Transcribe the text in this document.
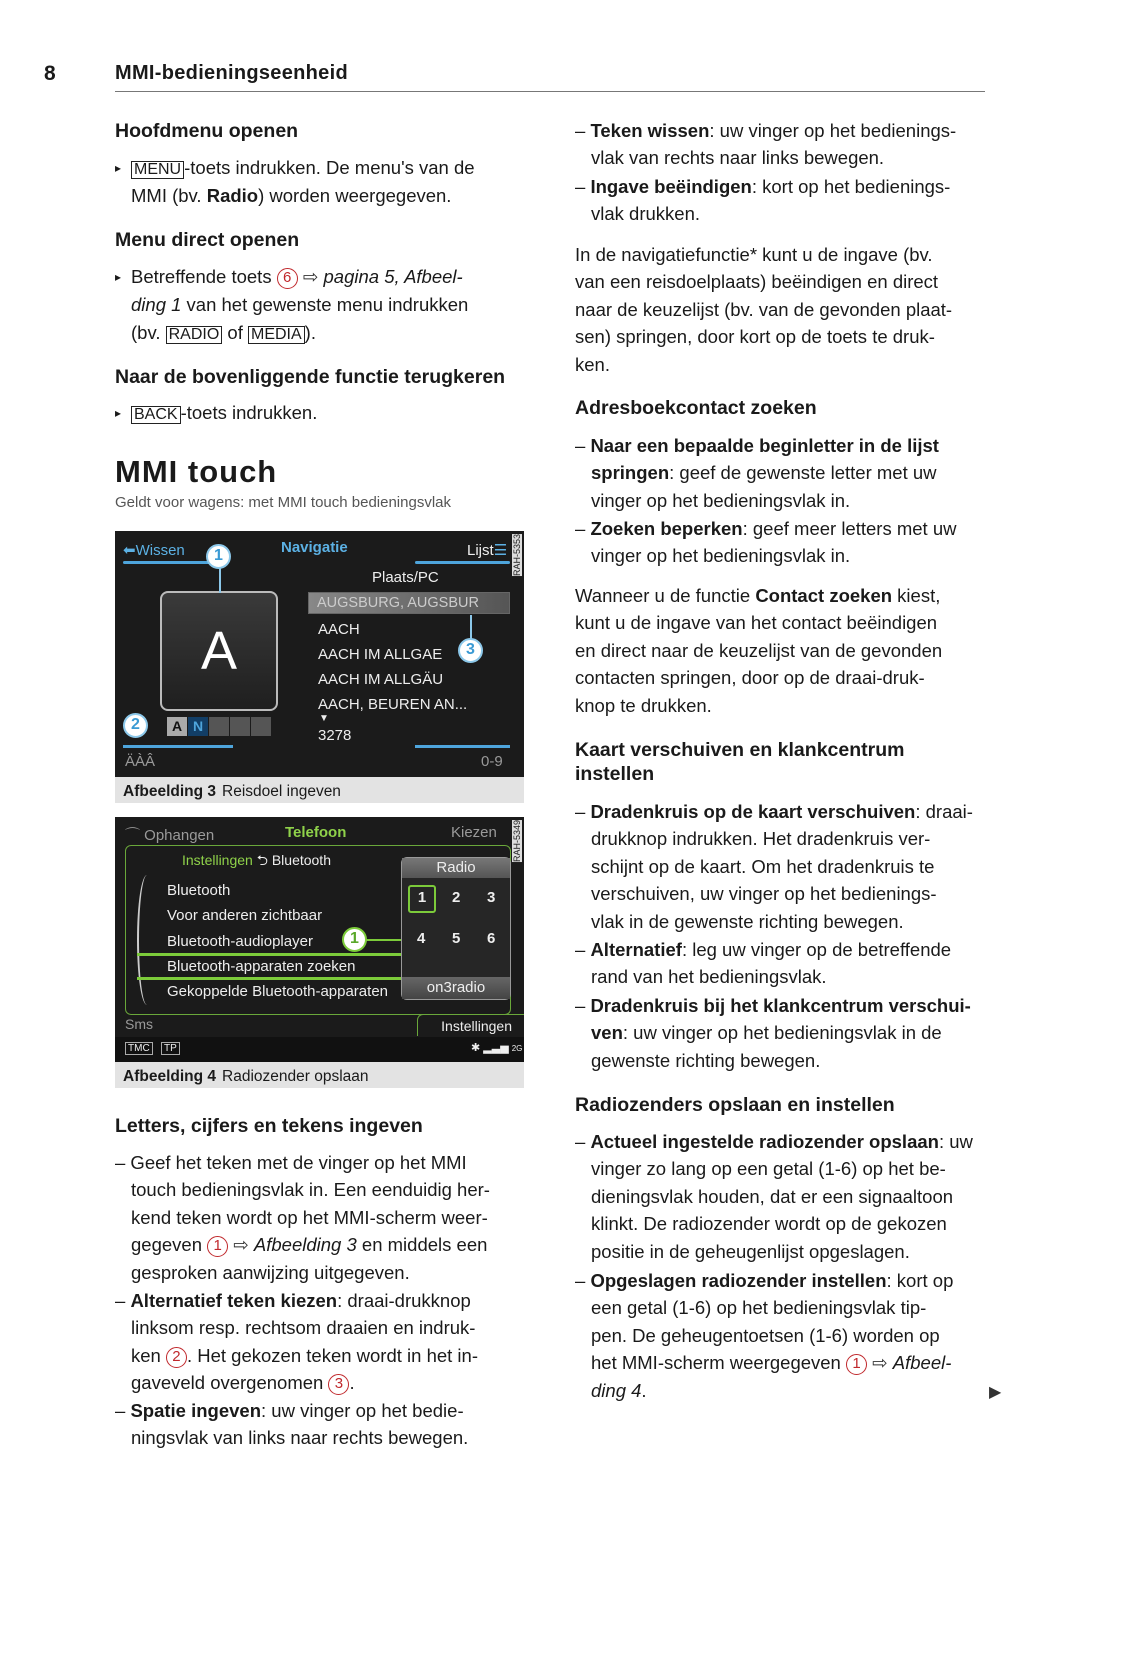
8	MMI-bedieningseenheid
Hoofdmenu openen
▸ MENU -toets indrukken. De menu's van de
MMI (bv. Radio) worden weergegeven.
Menu direct openen
▸ Betreffende toets 6 ⇨ pagina 5, Afbeel-
ding 1 van het gewenste menu indrukken
(bv. RADIO of MEDIA ).
Naar de bovenliggende functie terugkeren
▸ BACK -toets indrukken.
MMI touch
Geldt voor wagens: met MMI touch bedieningsvlak
⬅Wissen	Navigatie	Lijst☰ RAH-5353
A
Plaats/PC
AUGSBURG, AUGSBUR
AACH
AACH IM ALLGAE
AACH IM ALLGÄU
AACH, BEUREN AN...
▼
3278
A N
1
2
3
ÄÀÂ	0-9
Afbeelding 3 Reisdoel ingeven
⌒ Ophangen	Telefoon	Kiezen RAH-5349
Instellingen ⮌ Bluetooth
Bluetooth
Voor anderen zichtbaar
Bluetooth-audioplayer
Bluetooth-apparaten zoeken
Gekoppelde Bluetooth-apparaten
Radio
1	2 3
4 5 6
on3radio
1
Sms	Instellingen
TMC	TP	✱ ▂▃▅ 2G
Afbeelding 4 Radiozender opslaan
Letters, cijfers en tekens ingeven
– Geef het teken met de vinger op het MMI
touch bedieningsvlak in. Een eenduidig her-
kend teken wordt op het MMI-scherm weer-
gegeven 1 ⇨ Afbeelding 3 en middels een
gesproken aanwijzing uitgegeven.
– Alternatief teken kiezen: draai-drukknop
linksom resp. rechtsom draaien en indruk-
ken 2 . Het gekozen teken wordt in het in-
gaveveld overgenomen 3 .
– Spatie ingeven: uw vinger op het bedie-
ningsvlak van links naar rechts bewegen.
– Teken wissen: uw vinger op het bedienings-
vlak van rechts naar links bewegen.
– Ingave beëindigen: kort op het bedienings-
vlak drukken.
In de navigatiefunctie* kunt u de ingave (bv.
van een reisdoelplaats) beëindigen en direct
naar de keuzelijst (bv. van de gevonden plaat-
sen) springen, door kort op de toets te druk-
ken.
Adresboekcontact zoeken
– Naar een bepaalde beginletter in de lijst
springen: geef de gewenste letter met uw
vinger op het bedieningsvlak in.
– Zoeken beperken: geef meer letters met uw
vinger op het bedieningsvlak in.
Wanneer u de functie Contact zoeken kiest,
kunt u de ingave van het contact beëindigen
en direct naar de keuzelijst van de gevonden
contacten springen, door op de draai-druk-
knop te drukken.
Kaart verschuiven en klankcentrum
instellen
– Dradenkruis op de kaart verschuiven: draai-
drukknop indrukken. Het dradenkruis ver-
schijnt op de kaart. Om het dradenkruis te
verschuiven, uw vinger op het bedienings-
vlak in de gewenste richting bewegen.
– Alternatief: leg uw vinger op de betreffende
rand van het bedieningsvlak.
– Dradenkruis bij het klankcentrum verschui-
ven: uw vinger op het bedieningsvlak in de
gewenste richting bewegen.
Radiozenders opslaan en instellen
– Actueel ingestelde radiozender opslaan: uw
vinger zo lang op een getal (1-6) op het be-
dieningsvlak houden, dat er een signaaltoon
klinkt. De radiozender wordt op de gekozen
positie in de geheugenlijst opgeslagen.
– Opgeslagen radiozender instellen: kort op
een getal (1-6) op het bedieningsvlak tip-
pen. De geheugentoetsen (1-6) worden op
het MMI-scherm weergegeven 1 ⇨ Afbeel-
ding 4.	▶
